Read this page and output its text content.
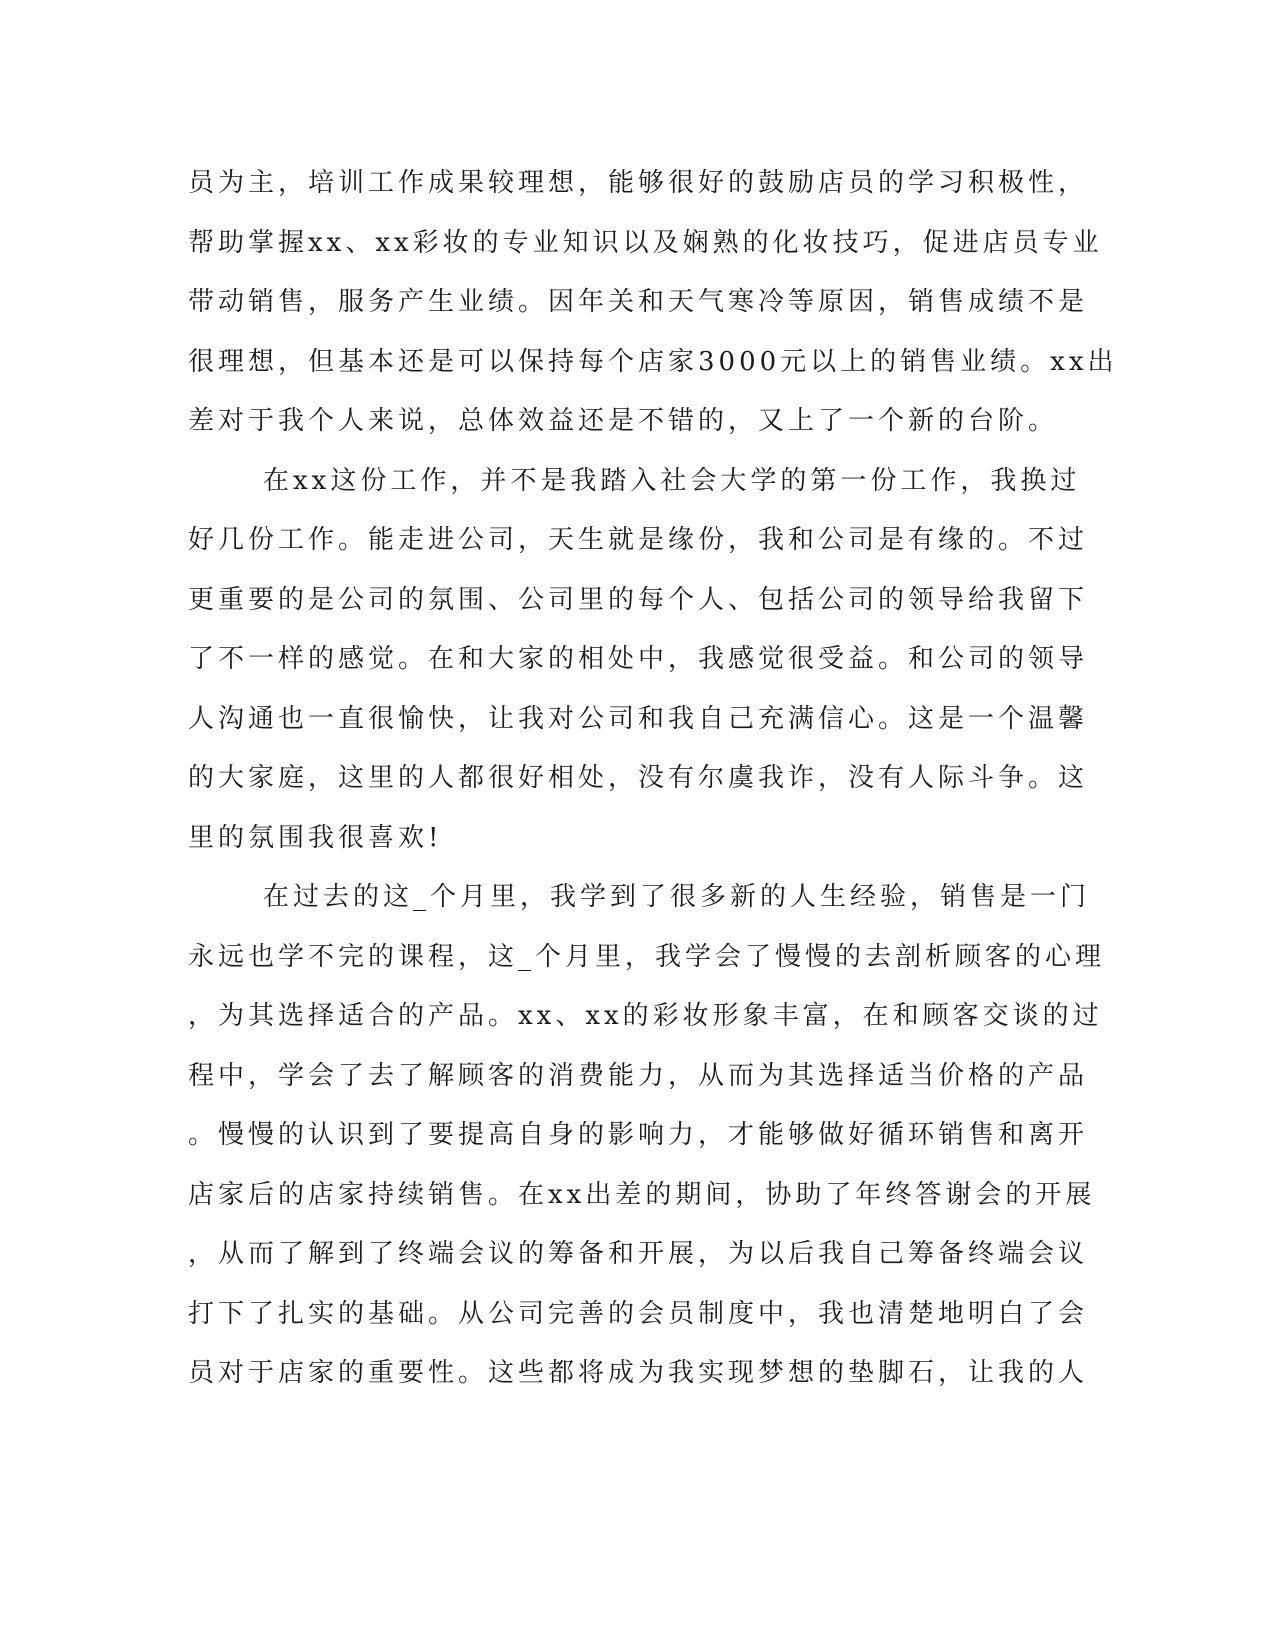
员为主，培训工作成果较理想，能够很好的鼓励店员的学习积极性，
帮助掌握xx、xx彩妆的专业知识以及娴熟的化妆技巧，促进店员专业
带动销售，服务产生业绩。因年关和天气寒冷等原因，销售成绩不是
很理想，但基本还是可以保持每个店家3000元以上的销售业绩。xx出
差对于我个人来说，总体效益还是不错的，又上了一个新的台阶。
在xx这份工作，并不是我踏入社会大学的第一份工作，我换过
好几份工作。能走进公司，天生就是缘份，我和公司是有缘的。不过
更重要的是公司的氛围、公司里的每个人、包括公司的领导给我留下
了不一样的感觉。在和大家的相处中，我感觉很受益。和公司的领导
人沟通也一直很愉快，让我对公司和我自己充满信心。这是一个温馨
的大家庭，这里的人都很好相处，没有尔虞我诈，没有人际斗争。这
里的氛围我很喜欢!
在过去的这_个月里，我学到了很多新的人生经验，销售是一门
永远也学不完的课程，这_个月里，我学会了慢慢的去剖析顾客的心理
，为其选择适合的产品。xx、xx的彩妆形象丰富，在和顾客交谈的过
程中，学会了去了解顾客的消费能力，从而为其选择适当价格的产品
。慢慢的认识到了要提高自身的影响力，才能够做好循环销售和离开
店家后的店家持续销售。在xx出差的期间，协助了年终答谢会的开展
，从而了解到了终端会议的筹备和开展，为以后我自己筹备终端会议
打下了扎实的基础。从公司完善的会员制度中，我也清楚地明白了会
员对于店家的重要性。这些都将成为我实现梦想的垫脚石，让我的人
